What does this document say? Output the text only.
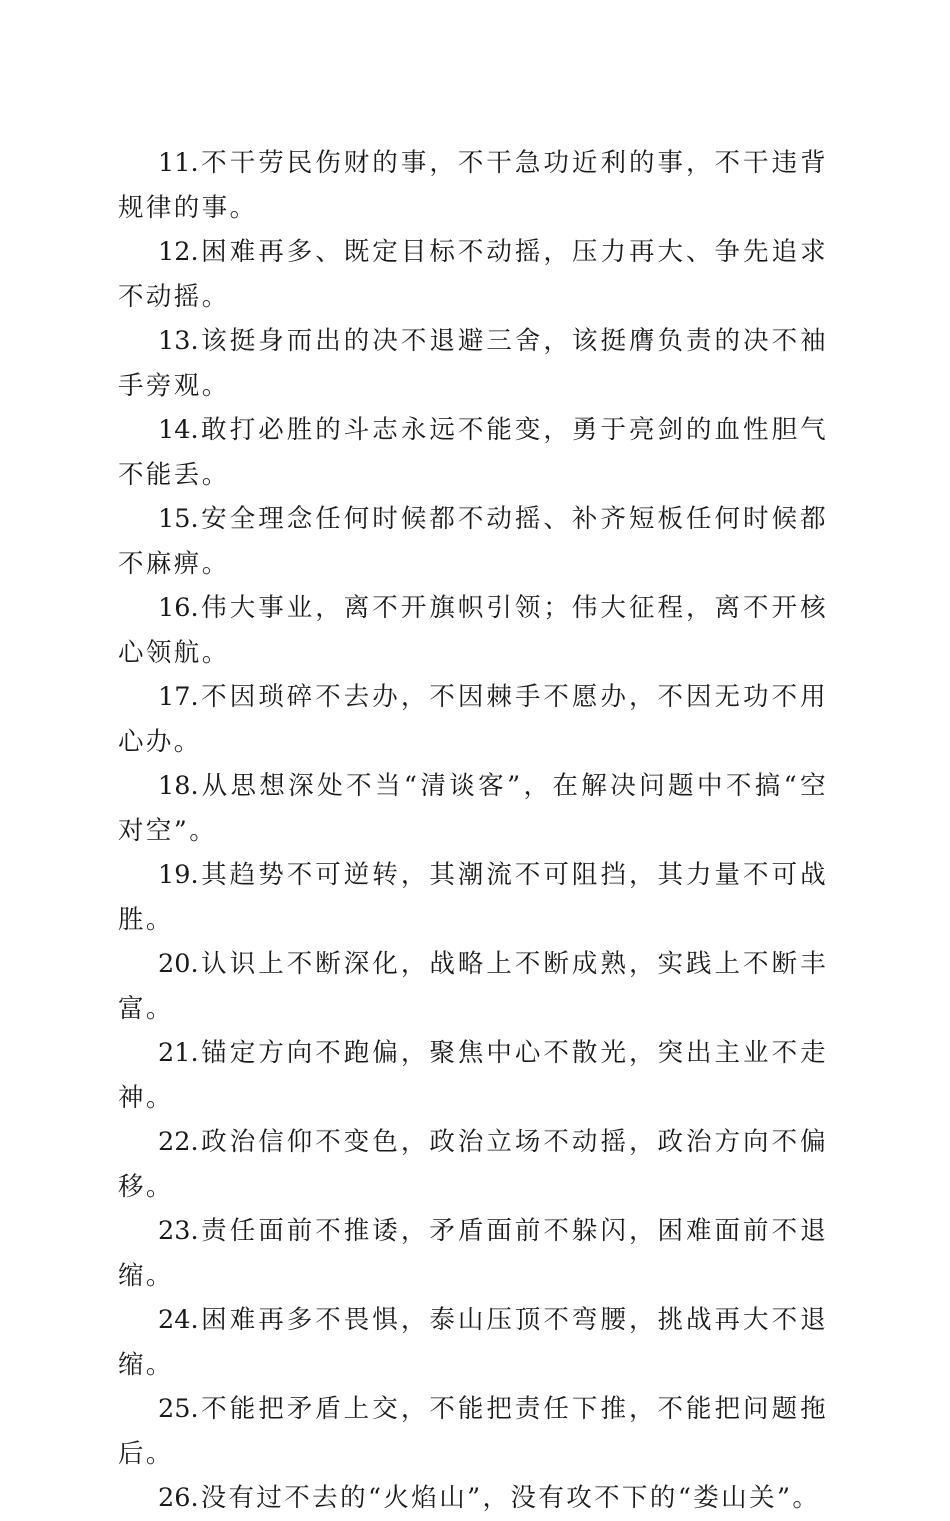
11.不干劳民伤财的事，不干急功近利的事，不干违背规律的事。

12.困难再多、既定目标不动摇，压力再大、争先追求不动摇。

13.该挺身而出的决不退避三舍，该挺膺负责的决不袖手旁观。

14.敢打必胜的斗志永远不能变，勇于亮剑的血性胆气不能丢。

15.安全理念任何时候都不动摇、补齐短板任何时候都不麻痹。

16.伟大事业，离不开旗帜引领；伟大征程，离不开核心领航。

17.不因琐碎不去办，不因棘手不愿办，不因无功不用心办。

18.从思想深处不当“清谈客”，在解决问题中不搞“空对空”。

19.其趋势不可逆转，其潮流不可阻挡，其力量不可战胜。

20.认识上不断深化，战略上不断成熟，实践上不断丰富。

21.锚定方向不跑偏，聚焦中心不散光，突出主业不走神。

22.政治信仰不变色，政治立场不动摇，政治方向不偏移。

23.责任面前不推诿，矛盾面前不躲闪，困难面前不退缩。

24.困难再多不畏惧，泰山压顶不弯腰，挑战再大不退缩。

25.不能把矛盾上交，不能把责任下推，不能把问题拖后。

26.没有过不去的“火焰山”，没有攻不下的“娄山关”。
